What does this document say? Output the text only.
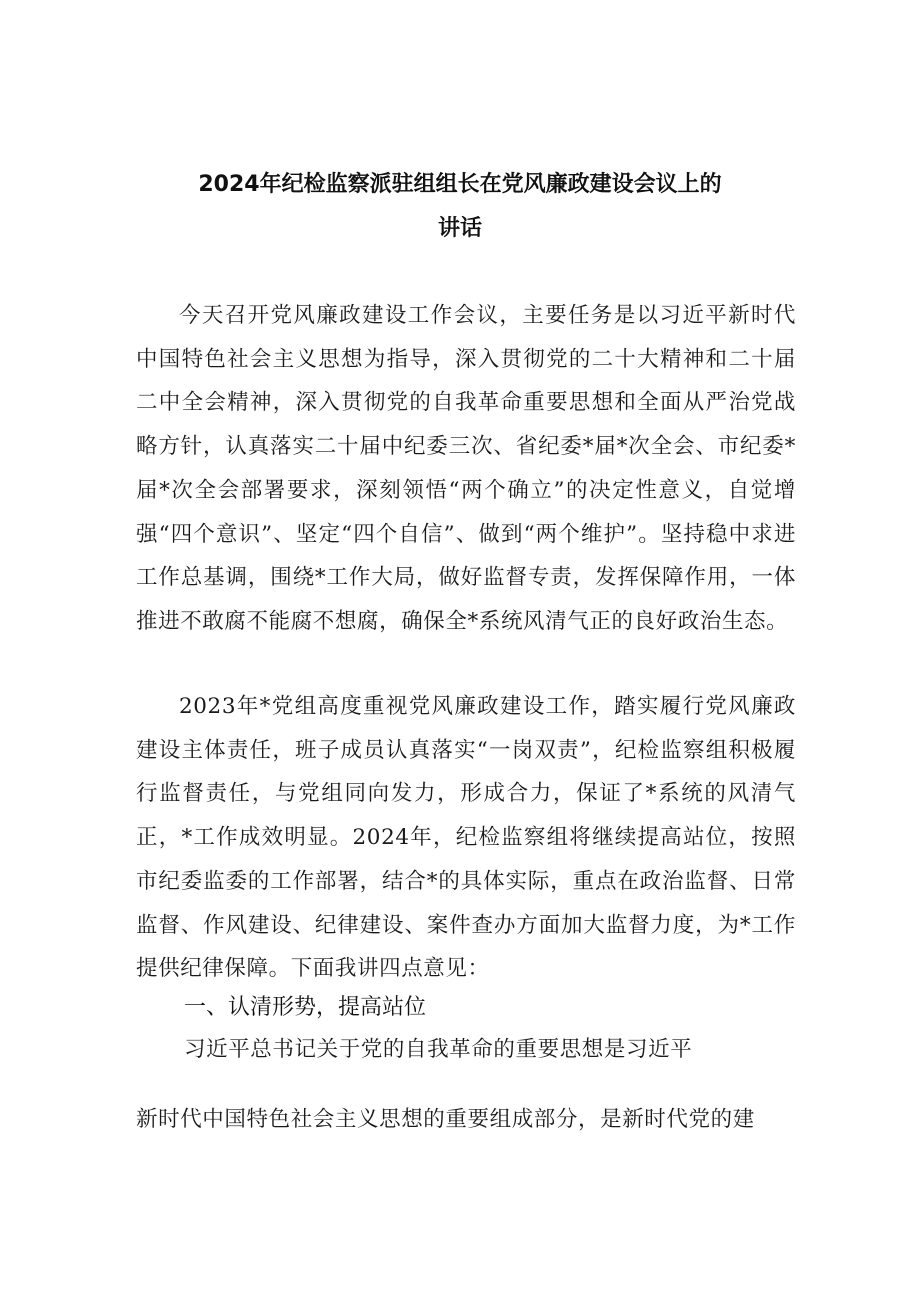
2024年纪检监察派驻组组长在党风廉政建设会议上的
讲话

今天召开党风廉政建设工作会议，主要任务是以习近平新时代中国特色社会主义思想为指导，深入贯彻党的二十大精神和二十届二中全会精神，深入贯彻党的自我革命重要思想和全面从严治党战略方针，认真落实二十届中纪委三次、省纪委*届*次全会、市纪委*届*次全会部署要求，深刻领悟“两个确立”的决定性意义，自觉增强“四个意识”、坚定“四个自信”、做到“两个维护”。坚持稳中求进工作总基调，围绕*工作大局，做好监督专责，发挥保障作用，一体推进不敢腐不能腐不想腐，确保全*系统风清气正的良好政治生态。

2023年*党组高度重视党风廉政建设工作，踏实履行党风廉政建设主体责任，班子成员认真落实“一岗双责”，纪检监察组积极履行监督责任，与党组同向发力，形成合力，保证了*系统的风清气正，*工作成效明显。2024年，纪检监察组将继续提高站位，按照市纪委监委的工作部署，结合*的具体实际，重点在政治监督、日常监督、作风建设、纪律建设、案件查办方面加大监督力度，为*工作提供纪律保障。下面我讲四点意见：

一、认清形势，提高站位
习近平总书记关于党的自我革命的重要思想是习近平
新时代中国特色社会主义思想的重要组成部分，是新时代党的建
